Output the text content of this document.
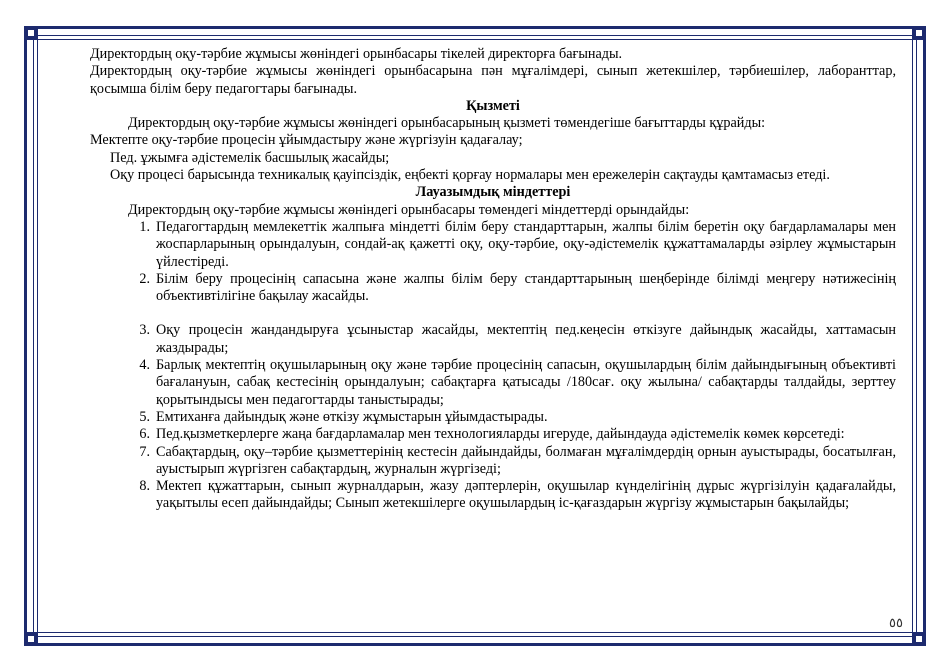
Директордың оқу-тәрбие жұмысы жөніндегі орынбасары тікелей директорға бағынады.

Директордың оқу-тәрбие жұмысы жөніндегі орынбасарына пән мұғалімдері, сынып жетекшілер, тәрбиешілер, лаборанттар, қосымша білім беру педагогтары бағынады.

Қызметі

Директордың оқу-тәрбие жұмысы жөніндегі орынбасарының қызметі төмендегіше бағыттарды құрайды:

Мектепте оқу-тәрбие процесін ұйымдастыру және жүргізуін қадағалау;

Пед. ұжымға әдістемелік басшылық жасайды;

Оқу процесі барысында техникалық қауіпсіздік, еңбекті қорғау нормалары мен ережелерін сақтауды қамтамасыз етеді.

Лауазымдық міндеттері

Директордың оқу-тәрбие жұмысы жөніндегі орынбасары төмендегі міндеттерді орындайды:

1. Педагогтардың мемлекеттік жалпыға міндетті білім беру стандарттарын, жалпы білім беретін оқу бағдарламалары мен жоспарларының орындалуын, сондай-ақ қажетті оқу, оқу-тәрбие, оқу-әдістемелік құжаттамаларды әзірлеу жұмыстарын үйлестіреді.
2. Білім беру процесінің сапасына және жалпы білім беру стандарттарының шеңберінде білімді меңгеру нәтижесінің объективтілігіне бақылау жасайды.
3. Оқу процесін жандандыруға ұсыныстар жасайды, мектептің пед.кеңесін өткізуге дайындық жасайды, хаттамасын жаздырады;
4. Барлық мектептің оқушыларының оқу және тәрбие процесінің сапасын, оқушылардың білім дайындығының объективті бағалануын, сабақ кестесінің орындалуын; сабақтарға қатысады /180сағ. оқу жылына/ сабақтарды талдайды, зерттеу қорытындысы мен педагогтарды таныстырады;
5. Емтиханға дайындық және өткізу жұмыстарын ұйымдастырады.
6. Пед.қызметкерлерге жаңа бағдарламалар мен технологияларды игеруде, дайындауда әдістемелік көмек көрсетеді:
7. Сабақтардың, оқу–тәрбие қызметтерінің кестесін дайындайды, болмаған мұғалімдердің орнын ауыстырады, босатылған, ауыстырып жүргізген сабақтардың, журналын жүргізеді;
8. Мектеп құжаттарын, сынып журналдарын, жазу дәптерлерін, оқушылар күнделігінің дұрыс жүргізілуін қадағалайды, уақытылы есеп дайындайды; Сынып жетекшілерге оқушылардың іс-қағаздарын жүргізу жұмыстарын бақылайды;
٥٥
